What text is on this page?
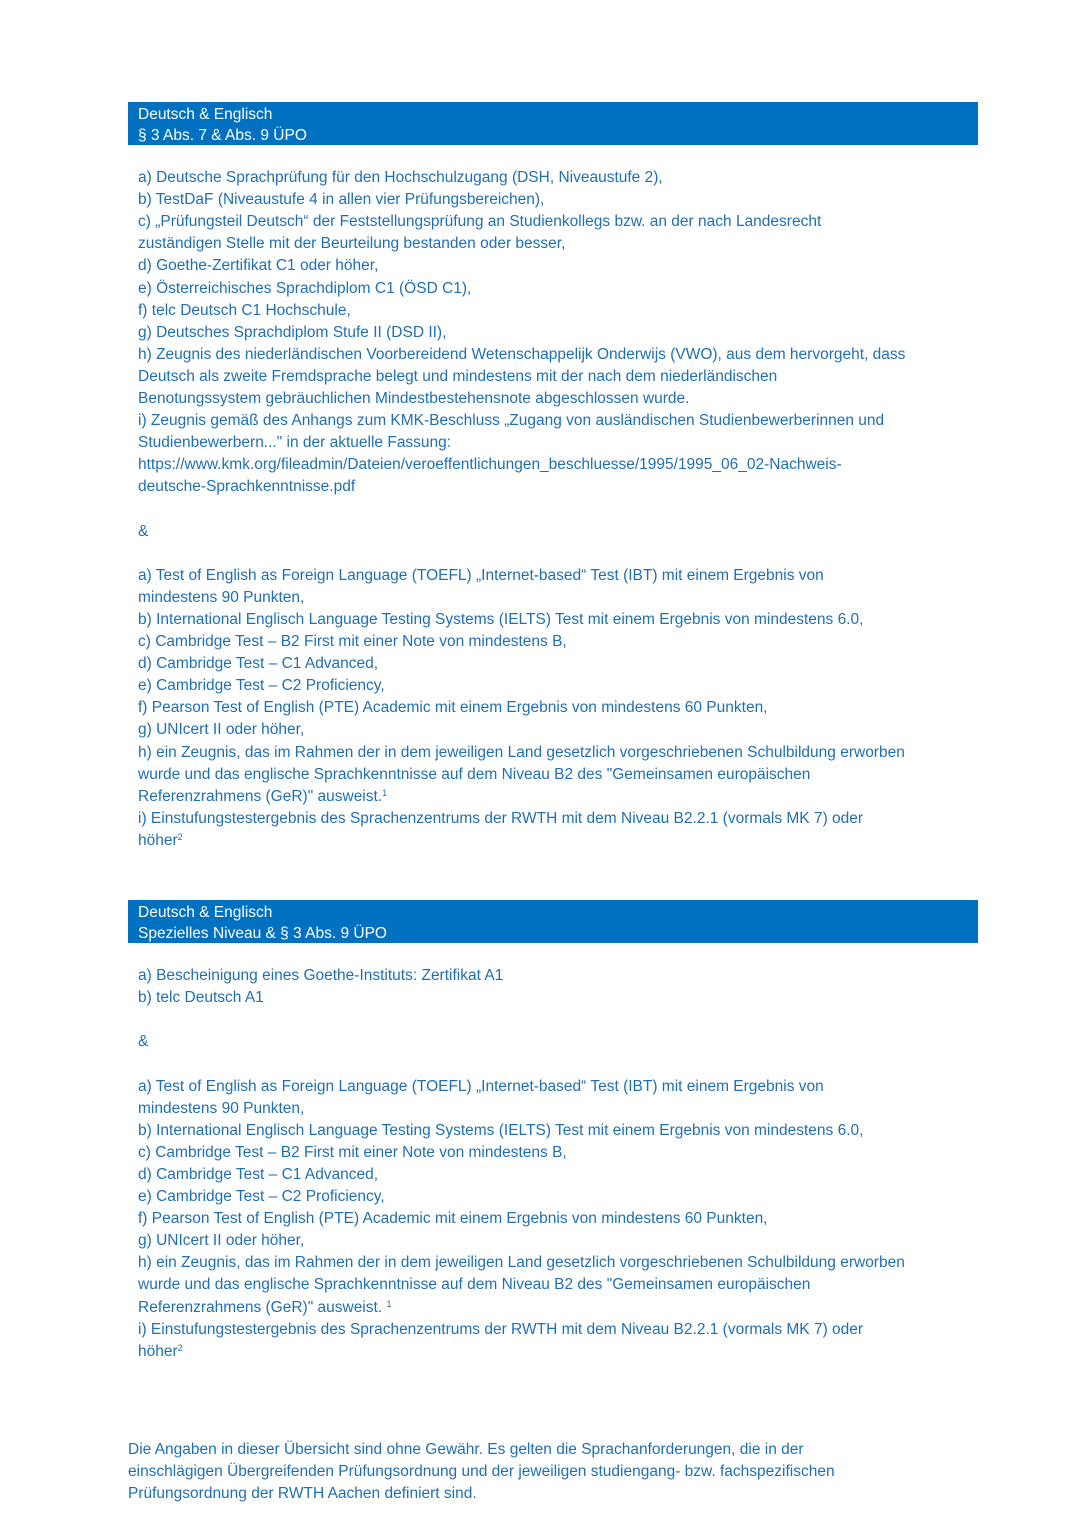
Deutsch & Englisch
§ 3 Abs. 7 & Abs. 9 ÜPO
a) Deutsche Sprachprüfung für den Hochschulzugang (DSH, Niveaustufe 2),
b) TestDaF (Niveaustufe 4 in allen vier Prüfungsbereichen),
c) „Prüfungsteil Deutsch“ der Feststellungsprüfung an Studienkollegs bzw. an der nach Landesrecht
zuständigen Stelle mit der Beurteilung bestanden oder besser,
d) Goethe-Zertifikat C1 oder höher,
e) Österreichisches Sprachdiplom C1 (ÖSD C1),
f) telc Deutsch C1 Hochschule,
g) Deutsches Sprachdiplom Stufe II (DSD II),
h) Zeugnis des niederländischen Voorbereidend Wetenschappelijk Onderwijs (VWO), aus dem hervorgeht, dass
Deutsch als zweite Fremdsprache belegt und mindestens mit der nach dem niederländischen
Benotungssystem gebräuchlichen Mindestbestehensnote abgeschlossen wurde.
i) Zeugnis gemäß des Anhangs zum KMK-Beschluss „Zugang von ausländischen Studienbewerberinnen und
Studienbewerbern..." in der aktuelle Fassung:
https://www.kmk.org/fileadmin/Dateien/veroeffentlichungen_beschluesse/1995/1995_06_02-Nachweis-
deutsche-Sprachkenntnisse.pdf
&
a) Test of English as Foreign Language (TOEFL) „Internet-based“ Test (IBT) mit einem Ergebnis von
mindestens 90 Punkten,
b) International Englisch Language Testing Systems (IELTS) Test mit einem Ergebnis von mindestens 6.0,
c) Cambridge Test – B2 First mit einer Note von mindestens B,
d) Cambridge Test – C1 Advanced,
e) Cambridge Test – C2 Proficiency,
f) Pearson Test of English (PTE) Academic mit einem Ergebnis von mindestens 60 Punkten,
g) UNIcert II oder höher,
h) ein Zeugnis, das im Rahmen der in dem jeweiligen Land gesetzlich vorgeschriebenen Schulbildung erworben
wurde und das englische Sprachkenntnisse auf dem Niveau B2 des "Gemeinsamen europäischen
Referenzrahmens (GeR)" ausweist.$^1$
i) Einstufungstestergebnis des Sprachenzentrums der RWTH mit dem Niveau B2.2.1 (vormals MK 7) oder
höher$^2$
Deutsch & Englisch
Spezielles Niveau & § 3 Abs. 9 ÜPO
a) Bescheinigung eines Goethe-Instituts: Zertifikat A1
b) telc Deutsch A1
&
a) Test of English as Foreign Language (TOEFL) „Internet-based“ Test (IBT) mit einem Ergebnis von
mindestens 90 Punkten,
b) International Englisch Language Testing Systems (IELTS) Test mit einem Ergebnis von mindestens 6.0,
c) Cambridge Test – B2 First mit einer Note von mindestens B,
d) Cambridge Test – C1 Advanced,
e) Cambridge Test – C2 Proficiency,
f) Pearson Test of English (PTE) Academic mit einem Ergebnis von mindestens 60 Punkten,
g) UNIcert II oder höher,
h) ein Zeugnis, das im Rahmen der in dem jeweiligen Land gesetzlich vorgeschriebenen Schulbildung erworben
wurde und das englische Sprachkenntnisse auf dem Niveau B2 des "Gemeinsamen europäischen
Referenzrahmens (GeR)" ausweist. $^1$
i) Einstufungstestergebnis des Sprachenzentrums der RWTH mit dem Niveau B2.2.1 (vormals MK 7) oder
höher$^2$
Die Angaben in dieser Übersicht sind ohne Gewähr. Es gelten die Sprachanforderungen, die in der
einschlägigen Übergreifenden Prüfungsordnung und der jeweiligen studiengang- bzw. fachspezifischen
Prüfungsordnung der RWTH Aachen definiert sind.
